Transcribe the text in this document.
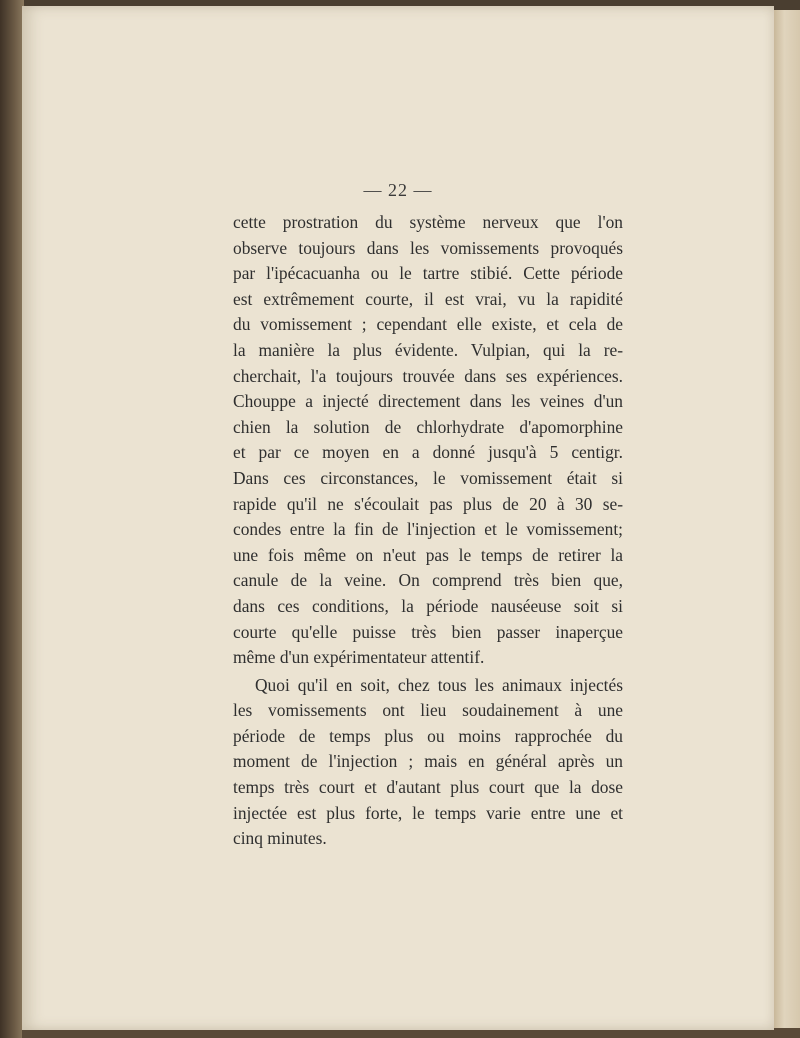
— 22 —
cette prostration du système nerveux que l'on
observe toujours dans les vomissements provoqués
par l'ipécacuanha ou le tartre stibié. Cette période
est extrêmement courte, il est vrai, vu la rapidité
du vomissement ; cependant elle existe, et cela de
la manière la plus évidente. Vulpian, qui la re-
cherchait, l'a toujours trouvée dans ses expériences.
Chouppe a injecté directement dans les veines d'un
chien la solution de chlorhydrate d'apomorphine
et par ce moyen en a donné jusqu'à 5 centigr.
Dans ces circonstances, le vomissement était si
rapide qu'il ne s'écoulait pas plus de 20 à 30 se-
condes entre la fin de l'injection et le vomissement;
une fois même on n'eut pas le temps de retirer la
canule de la veine. On comprend très bien que,
dans ces conditions, la période nauséeuse soit si
courte qu'elle puisse très bien passer inaperçue
même d'un expérimentateur attentif.
Quoi qu'il en soit, chez tous les animaux injectés
les vomissements ont lieu soudainement à une
période de temps plus ou moins rapprochée du
moment de l'injection ; mais en général après un
temps très court et d'autant plus court que la dose
injectée est plus forte, le temps varie entre une et
cinq minutes.
